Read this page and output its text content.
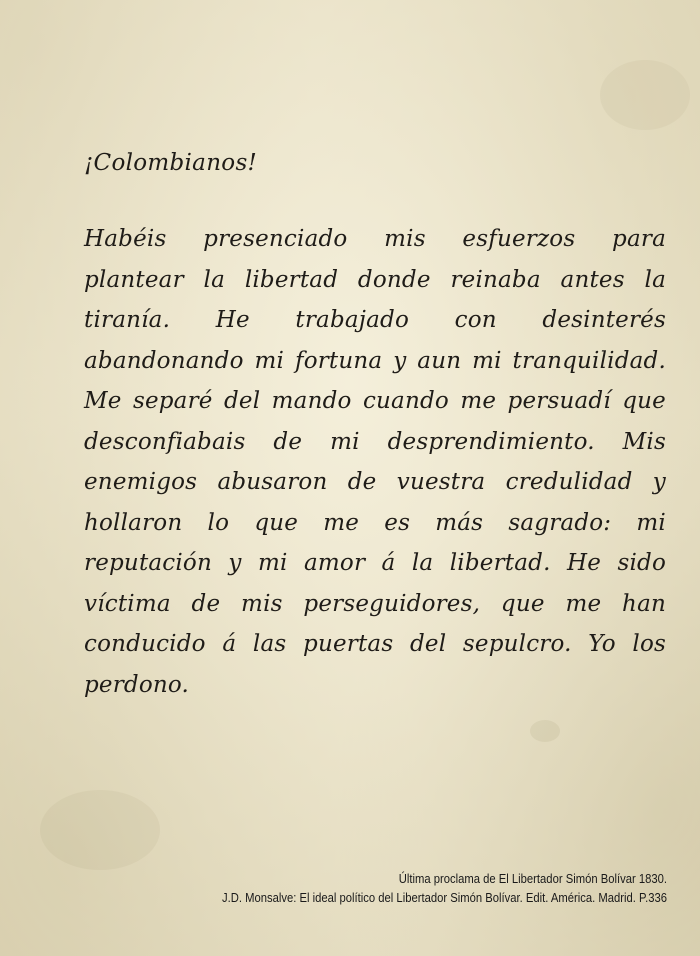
¡Colombianos!

Habéis presenciado mis esfuerzos para plantear la libertad donde reinaba antes la tiranía. He trabajado con desinterés abandonando mi fortuna y aun mi tranquilidad. Me separé del mando cuando me persuadí que desconfiabais de mi desprendimiento. Mis enemigos abusaron de vuestra credulidad y hollaron lo que me es más sagrado: mi reputación y mi amor á la libertad. He sido víctima de mis perseguidores, que me han conducido á las puertas del sepulcro. Yo los perdono.

Última proclama de El Libertador Simón Bolívar 1830.
J.D. Monsalve: El ideal político del Libertador Simón Bolívar. Edit. América. Madrid. P.336
